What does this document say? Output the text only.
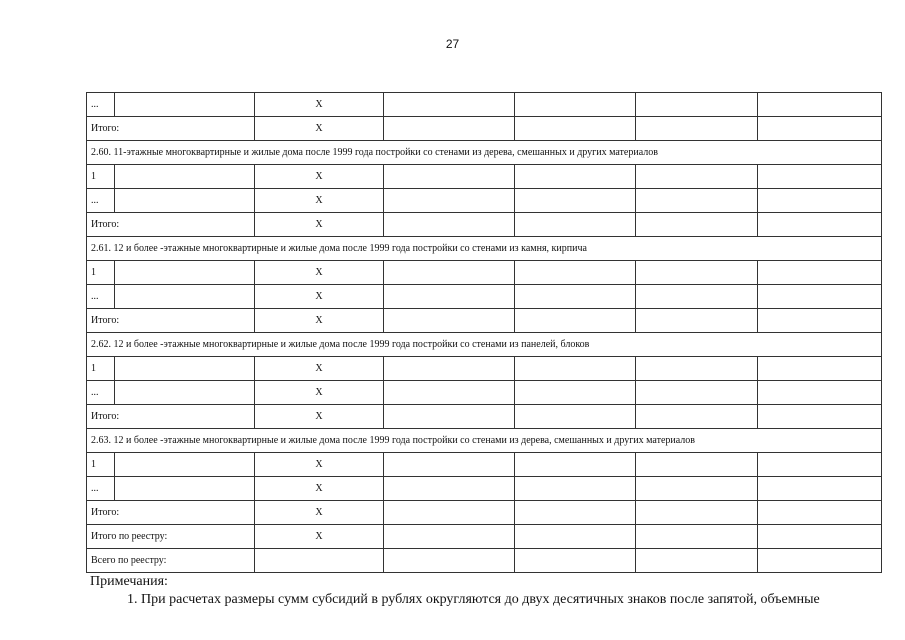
27
...		X				
Итого:		X				
2.60. 11-этажные многоквартирные и жилые дома после 1999 года постройки со стенами из дерева, смешанных и других материалов						
1		X				
...		X				
Итого:		X				
2.61. 12 и более -этажные многоквартирные и жилые дома после 1999 года постройки со стенами из камня, кирпича						
1		X				
...		X				
Итого:		X				
2.62. 12 и более -этажные многоквартирные и жилые дома после 1999 года постройки со стенами из панелей, блоков						
1		X				
...		X				
Итого:		X				
2.63. 12 и более -этажные многоквартирные и жилые дома после 1999 года постройки со стенами из дерева, смешанных и других материалов						
1		X				
...		X				
Итого:		X				
Итого по реестру:		X				
Всего по реестру:						
Примечания:
1. При расчетах размеры сумм субсидий в рублях округляются до двух десятичных знаков после запятой, объемные
